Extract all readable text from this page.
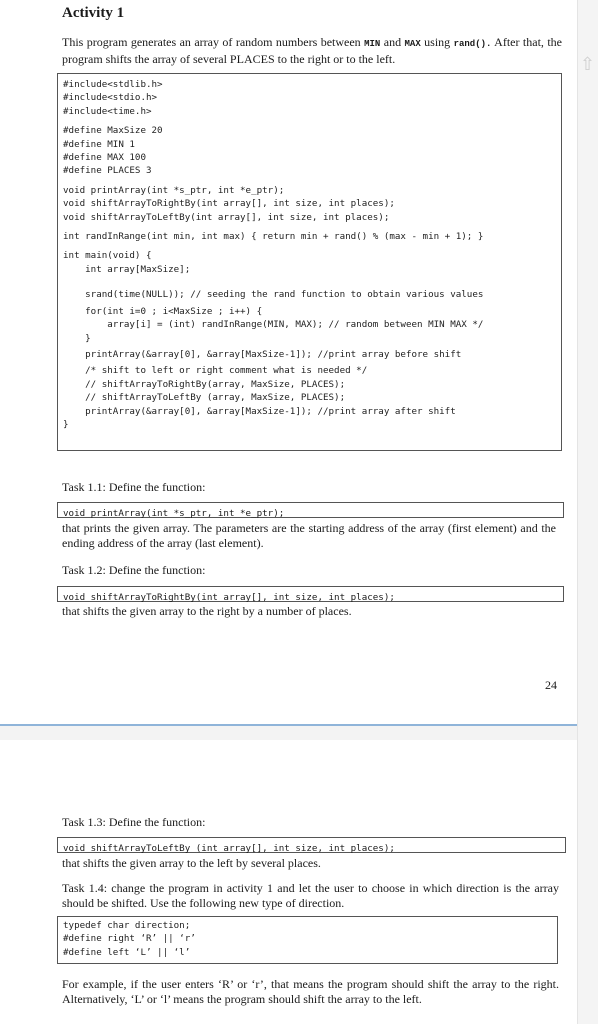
Activity 1
This program generates an array of random numbers between MIN and MAX using rand(). After that, the program shifts the array of several PLACES to the right or to the left.
#include<stdlib.h>
#include<stdio.h>
#include<time.h>
#define MaxSize 20
#define MIN 1
#define MAX 100
#define PLACES 3
void printArray(int *s_ptr, int *e_ptr);
void shiftArrayToRightBy(int array[], int size, int places);
void shiftArrayToLeftBy(int array[], int size, int places);
int randInRange(int min, int max) { return min + rand() % (max - min + 1); }
int main(void) {
int array[MaxSize];
srand(time(NULL)); // seeding the rand function to obtain various values
for(int i=0 ; i<MaxSize ; i++) {
array[i] = (int) randInRange(MIN, MAX); // random between MIN MAX */
}
printArray(&array[0], &array[MaxSize-1]); //print array before shift
/* shift to left or right comment what is needed */
// shiftArrayToRightBy(array, MaxSize, PLACES);
// shiftArrayToLeftBy (array, MaxSize, PLACES);
printArray(&array[0], &array[MaxSize-1]); //print array after shift
}
Task 1.1: Define the function:
void printArray(int *s_ptr, int *e_ptr);
that prints the given array. The parameters are the starting address of the array (first element) and the ending address of the array (last element).
Task 1.2: Define the function:
void shiftArrayToRightBy(int array[], int size, int places);
that shifts the given array to the right by a number of places.
24
Task 1.3: Define the function:
void shiftArrayToLeftBy (int array[], int size, int places);
that shifts the given array to the left by several places.
Task 1.4: change the program in activity 1 and let the user to choose in which direction is the array should be shifted. Use the following new type of direction.
typedef char direction;
#define right ‘R’ || ‘r’
#define left ‘L’ || ‘l’
For example, if the user enters ‘R’ or ‘r’, that means the program should shift the array to the right. Alternatively, ‘L’ or ‘l’ means the program should shift the array to the left.
⇧
